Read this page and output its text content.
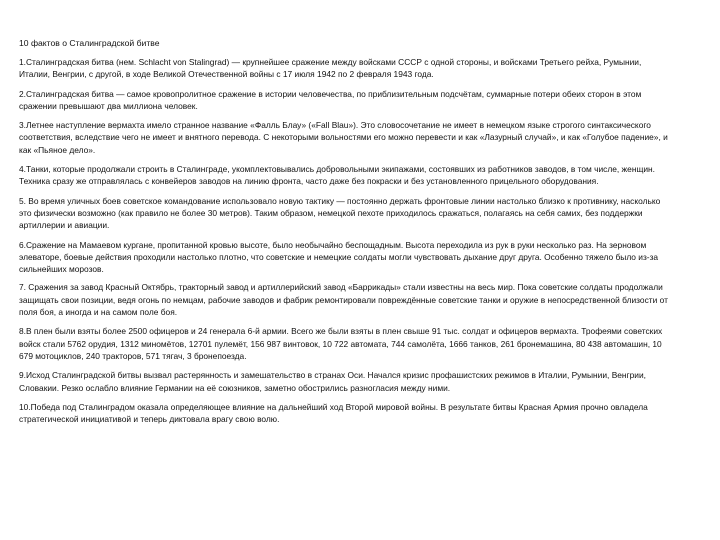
10 фактов о Сталинградской битве

1.Сталинградская битва (нем. Schlacht von Stalingrad) — крупнейшее сражение между войсками СССР с одной стороны, и войсками Третьего рейха, Румынии, Италии, Венгрии, с другой, в ходе Великой Отечественной войны с 17 июля 1942 по 2 февраля 1943 года.

2.Сталинградская битва — самое кровопролитное сражение в истории человечества, по приблизительным подсчётам, суммарные потери обеих сторон в этом сражении превышают два миллиона человек.

3.Летнее наступление вермахта имело странное название «Фалль Блау» («Fall Blau»). Это словосочетание не имеет в немецком языке строгого синтаксического соответствия, вследствие чего не имеет и внятного перевода. С некоторыми вольностями его можно перевести и как «Лазурный случай», и как «Голубое падение», и как «Пьяное дело».

4.Танки, которые продолжали строить в Сталинграде, укомплектовывались добровольными экипажами, состоявших из работников заводов, в том числе, женщин. Техника сразу же отправлялась с конвейеров заводов на линию фронта, часто даже без покраски и без установленного прицельного оборудования.

5. Во время уличных боев советское командование использовало новую тактику — постоянно держать фронтовые линии настолько близко к противнику, насколько это физически возможно (как правило не более 30 метров). Таким образом, немецкой пехоте приходилось сражаться, полагаясь на себя самих, без поддержки артиллерии и авиации.

6.Сражение на Мамаевом кургане, пропитанной кровью высоте, было необычайно беспощадным. Высота переходила из рук в руки несколько раз. На зерновом элеваторе, боевые действия проходили настолько плотно, что советские и немецкие солдаты могли чувствовать дыхание друг друга. Особенно тяжело было из-за сильнейших морозов.

7. Сражения за завод Красный Октябрь, тракторный завод и артиллерийский завод «Баррикады» стали известны на весь мир. Пока советские солдаты продолжали защищать свои позиции, ведя огонь по немцам, рабочие заводов и фабрик ремонтировали повреждённые советские танки и оружие в непосредственной близости от поля боя, а иногда и на самом поле боя.

8.В плен были взяты более 2500 офицеров и 24 генерала 6-й армии. Всего же были взяты в плен свыше 91 тыс. солдат и офицеров вермахта. Трофеями советских войск стали 5762 орудия, 1312 миномётов, 12701 пулемёт, 156 987 винтовок, 10 722 автомата, 744 самолёта, 1666 танков, 261 бронемашина, 80 438 автомашин, 10 679 мотоциклов, 240 тракторов, 571 тягач, 3 бронепоезда.

9.Исход Сталинградской битвы вызвал растерянность и замешательство в странах Оси. Начался кризис профашистских режимов в Италии, Румынии, Венгрии, Словакии. Резко ослабло влияние Германии на её союзников, заметно обострились разногласия между ними.

10.Победа под Сталинградом оказала определяющее влияние на дальнейший ход Второй мировой войны. В результате битвы Красная Армия прочно овладела стратегической инициативой и теперь диктовала врагу свою волю.
